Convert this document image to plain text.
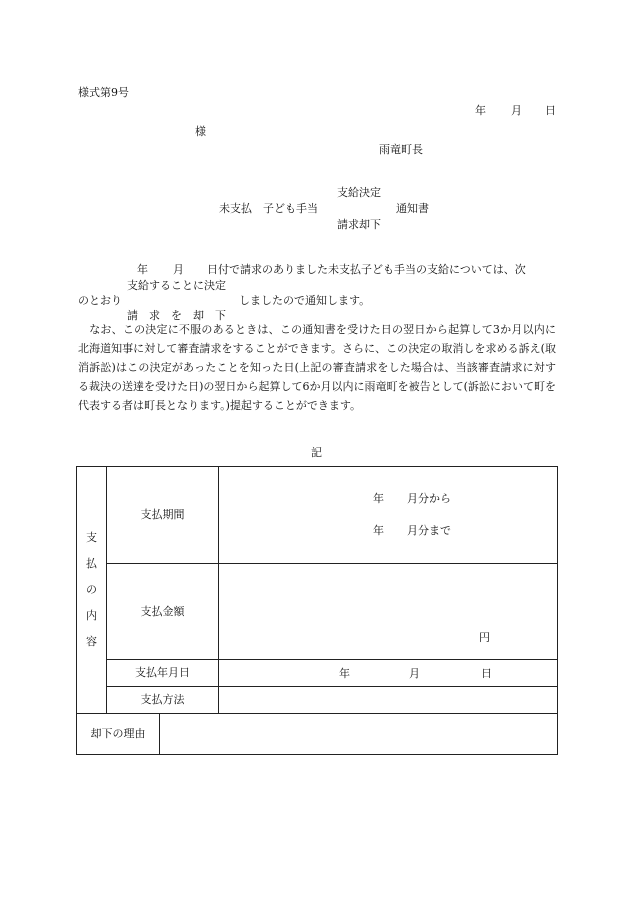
様式第9号
年 月 日
様
雨竜町長
支給決定
未支払　子ども手当	通知書
請求却下
年 月 日付で請求のありました未支払子ども手当の支給については、次
支給することに決定
のとおり	しましたので通知します。
請　求　を　却　下
　なお、この決定に不服のあるときは、この通知書を受けた日の翌日から起算して3か月以内に北海道知事に対して審査請求をすることができます。さらに、この決定の取消しを求める訴え(取消訴訟)はこの決定があったことを知った日(上記の審査請求をした場合は、当該審査請求に対する裁決の送達を受けた日)の翌日から起算して6か月以内に雨竜町を被告として(訴訟において町を代表する者は町長となります。)提起することができます。
記
支
払
の
内
容	支払期間		年 月分から
年 月分まで

	支払金額		円

	支払年月日		年 月 日

	支払方法		
却下の理由			
